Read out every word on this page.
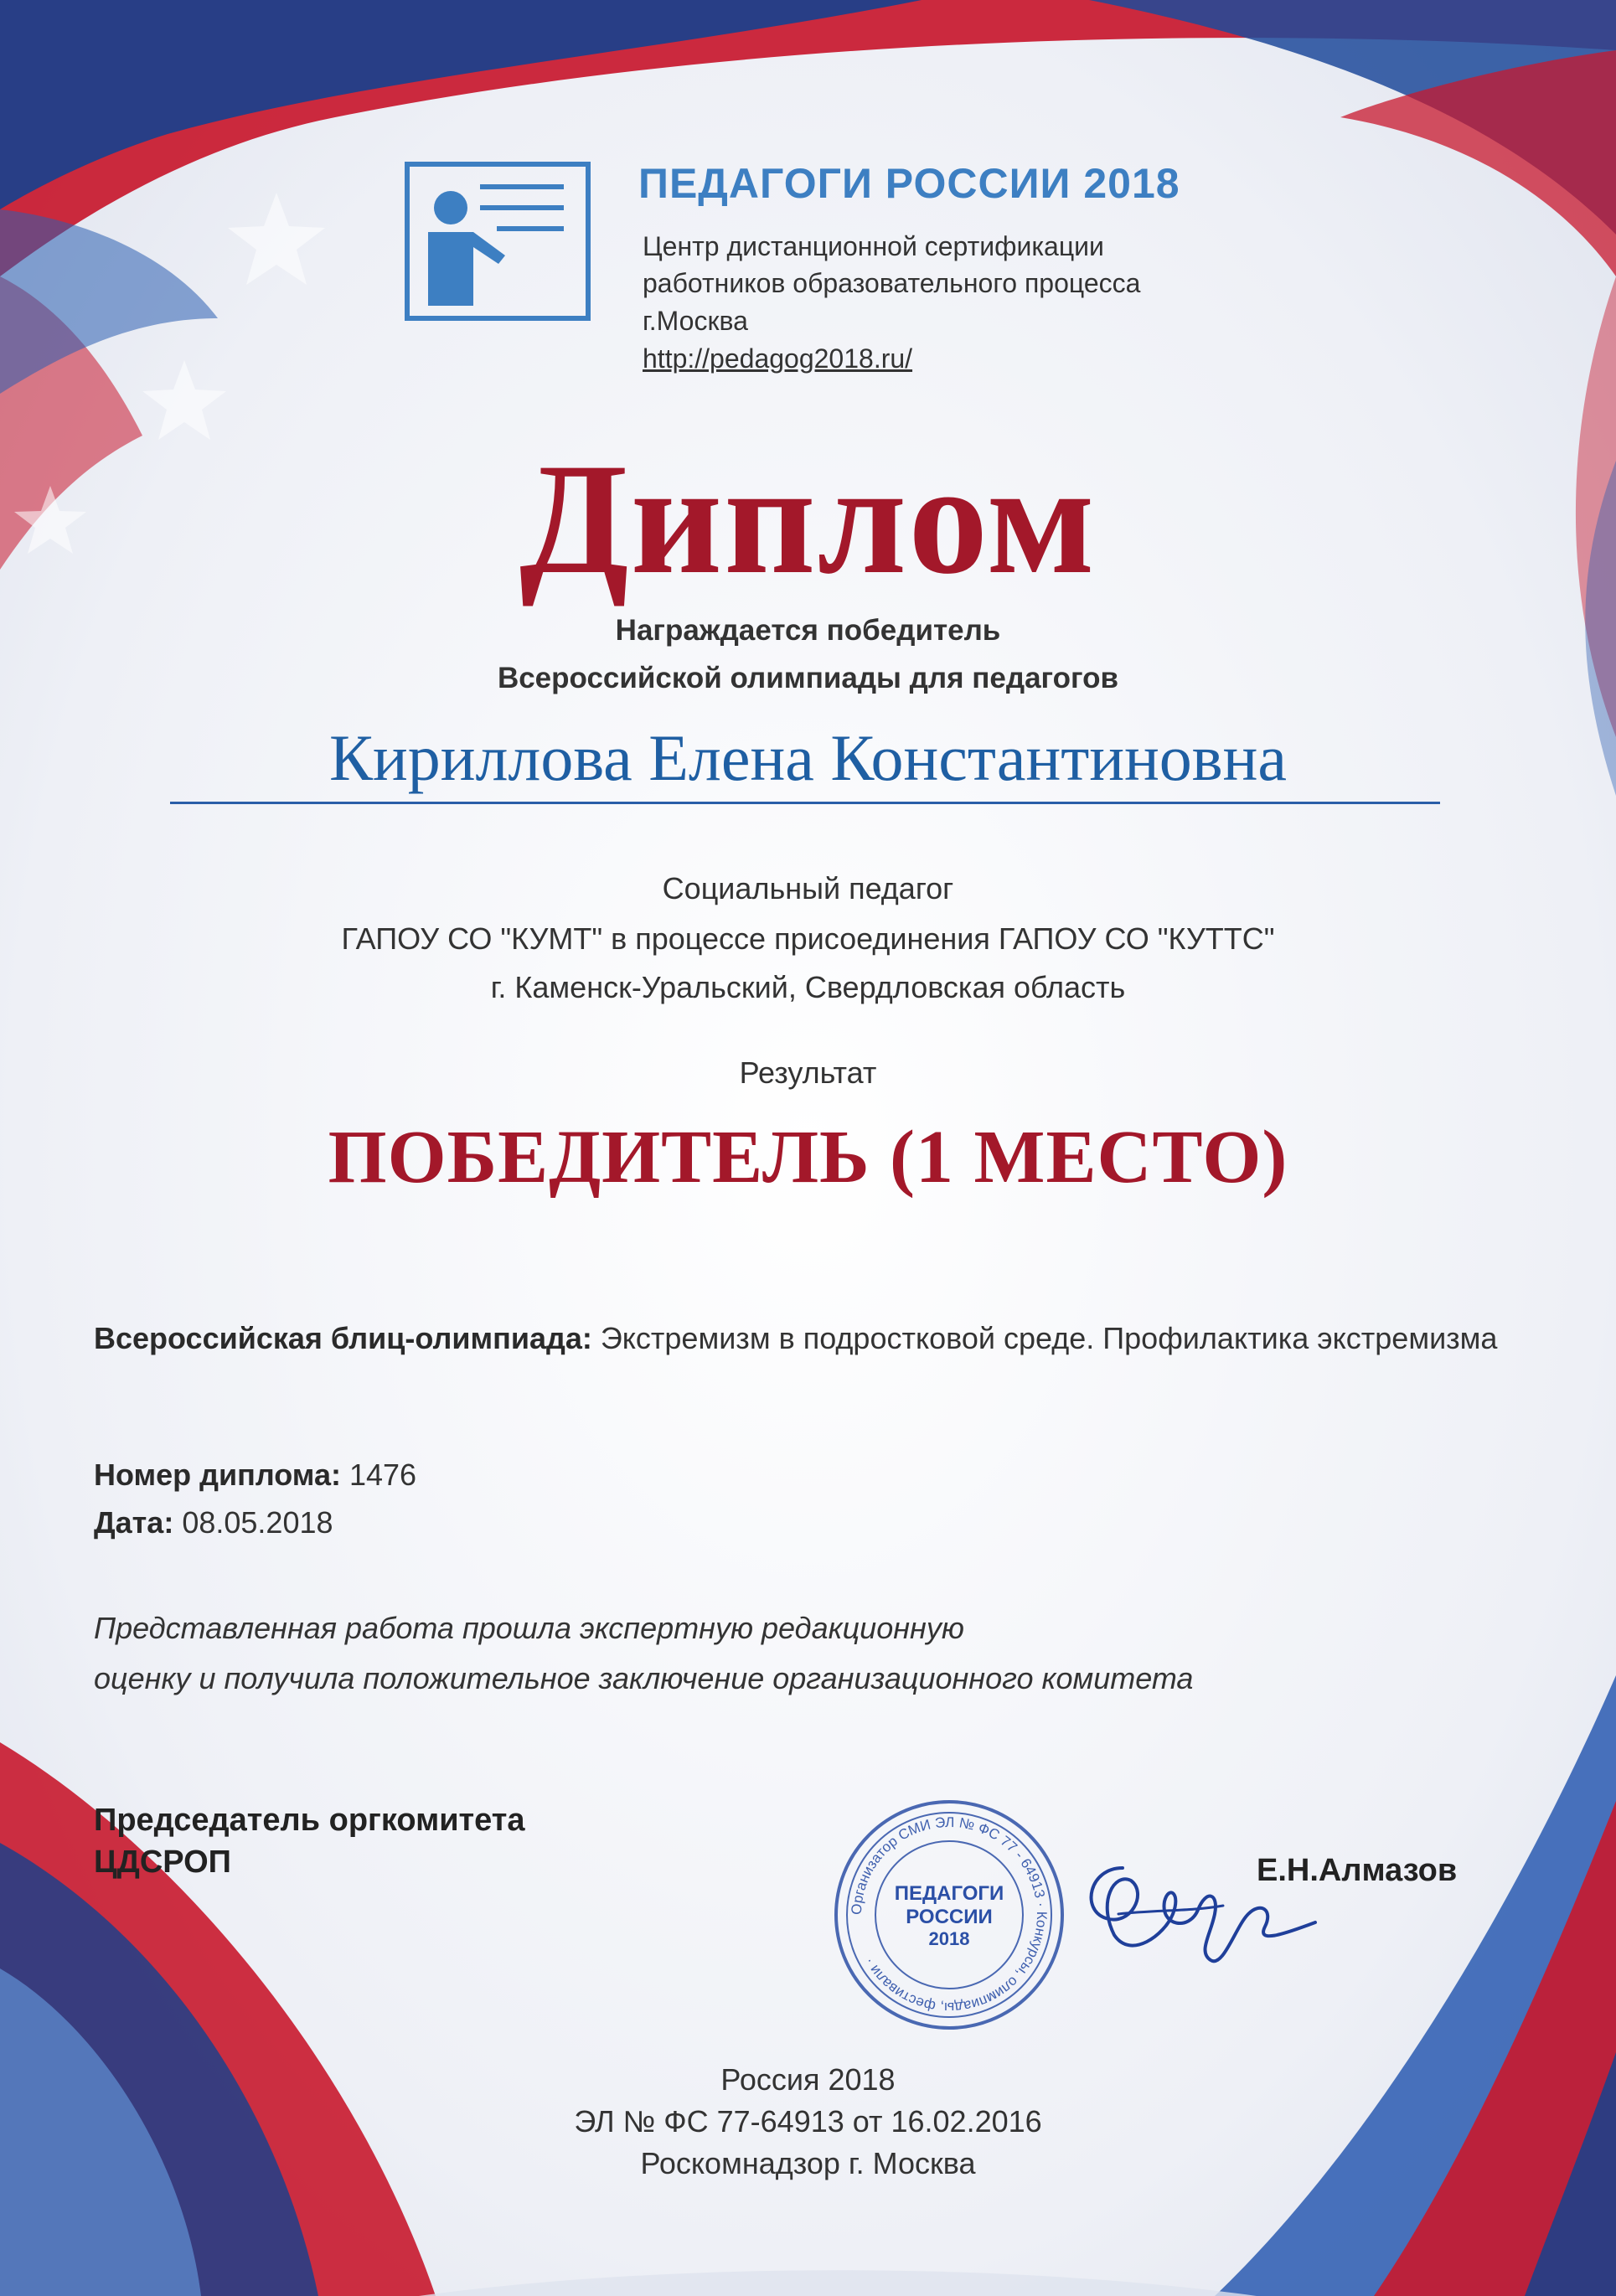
ПЕДАГОГИ РОССИИ 2018
Центр дистанционной сертификации
работников образовательного процесса
г.Москва
http://pedagog2018.ru/
Диплом
Награждается победитель
Всероссийской олимпиады для педагогов
Кириллова Елена Константиновна
Социальный педагог
ГАПОУ СО "КУМТ" в процессе присоединения ГАПОУ СО "КУТТС"
г. Каменск-Уральский, Свердловская область
Результат
ПОБЕДИТЕЛЬ (1 МЕСТО)
Всероссийская блиц-олимпиада: Экстремизм в подростковой среде. Профилактика экстремизма
Номер диплома: 1476
Дата: 08.05.2018
Представленная работа прошла экспертную редакционную
оценку и получила положительное заключение организационного комитета
Председатель оргкомитета
ЦДСРОП
Организатор СМИ ЭЛ № ФС 77 - 64913 · Конкурсы, олимпиады, фестивали ·
ПЕДАГОГИ
РОССИИ
2018
Е.Н.Алмазов
Россия 2018
ЭЛ № ФС 77-64913 от 16.02.2016
Роскомнадзор г. Москва
